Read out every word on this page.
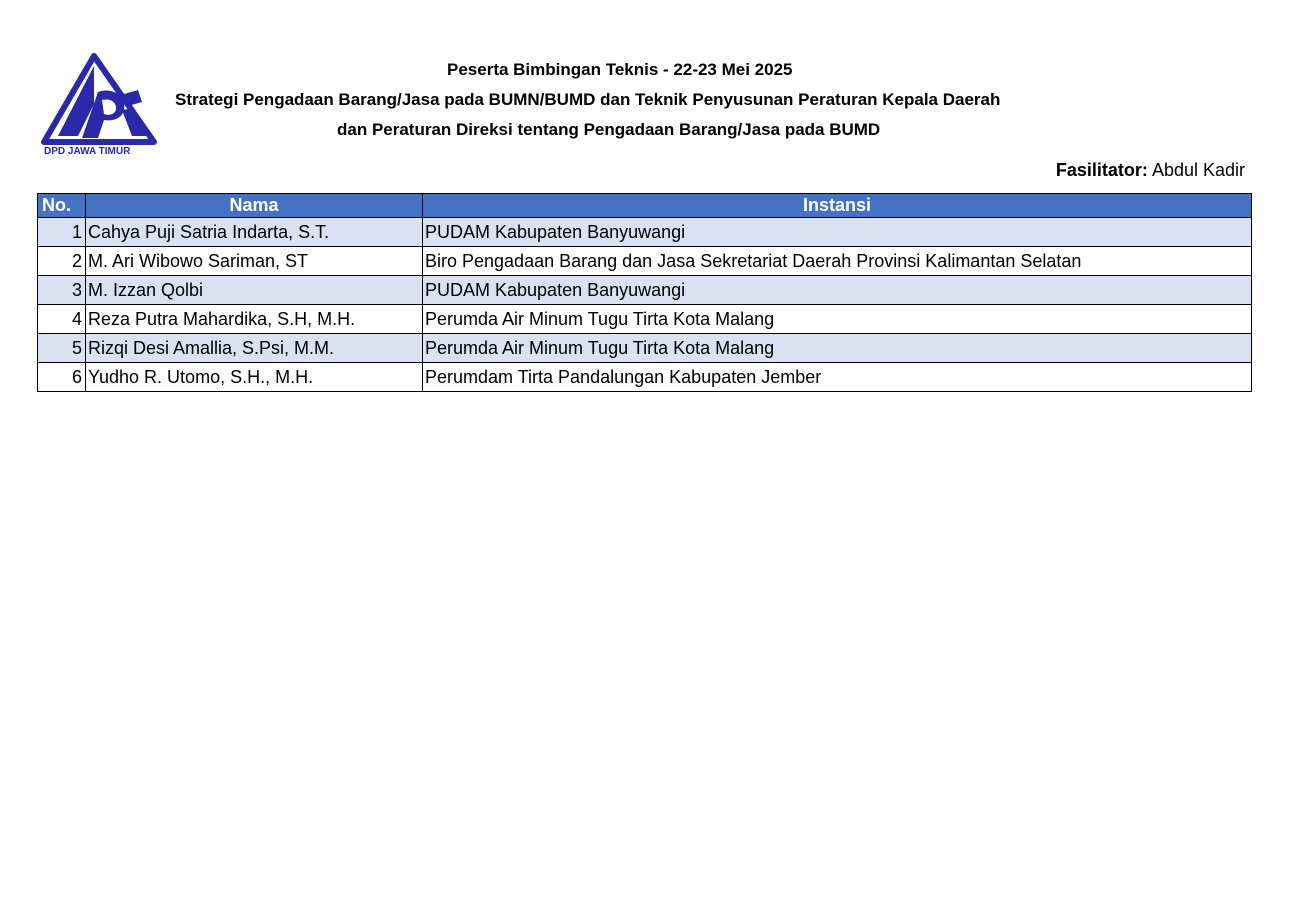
DPD JAWA TIMUR
Peserta Bimbingan Teknis - 22-23 Mei 2025
Strategi Pengadaan Barang/Jasa pada BUMN/BUMD dan Teknik Penyusunan Peraturan Kepala Daerah
dan Peraturan Direksi tentang Pengadaan Barang/Jasa pada BUMD
Fasilitator: Abdul Kadir
No.	Nama	Instansi
1	Cahya Puji Satria Indarta, S.T.	PUDAM Kabupaten Banyuwangi
2	M. Ari Wibowo Sariman, ST	Biro Pengadaan Barang dan Jasa Sekretariat Daerah Provinsi Kalimantan Selatan
3	M. Izzan Qolbi	PUDAM Kabupaten Banyuwangi
4	Reza Putra Mahardika, S.H, M.H.	Perumda Air Minum Tugu Tirta Kota Malang
5	Rizqi Desi Amallia, S.Psi, M.M.	Perumda Air Minum Tugu Tirta Kota Malang
6	Yudho R. Utomo, S.H., M.H.	Perumdam Tirta Pandalungan Kabupaten Jember
